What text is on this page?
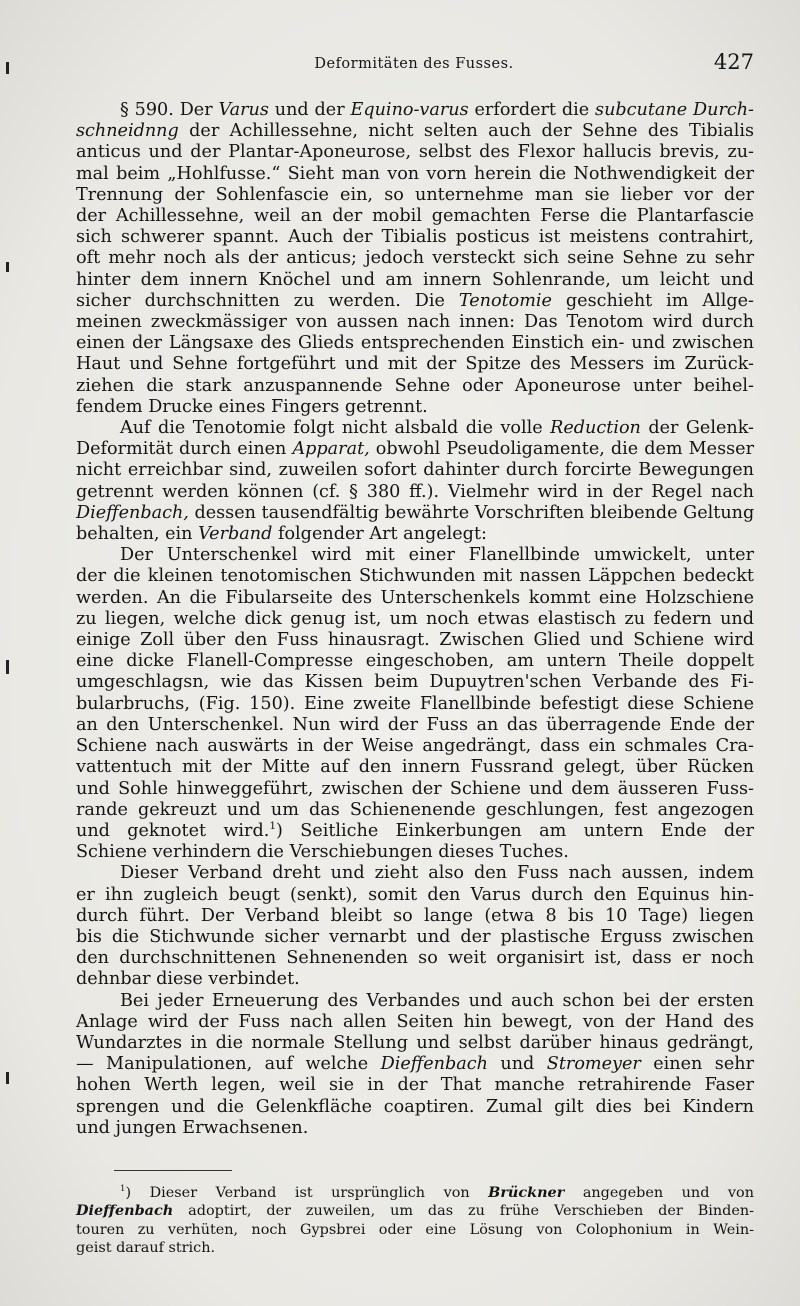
Deformitäten des Fusses.	427
§ 590. Der Varus und der Equino-varus erfordert die subcutane Durch-
schneidnng der Achillessehne, nicht selten auch der Sehne des Tibialis
anticus und der Plantar-Aponeurose, selbst des Flexor hallucis brevis, zu-
mal beim „Hohlfusse.“ Sieht man von vorn herein die Nothwendigkeit der
Trennung der Sohlenfascie ein, so unternehme man sie lieber vor der
der Achillessehne, weil an der mobil gemachten Ferse die Plantarfascie
sich schwerer spannt. Auch der Tibialis posticus ist meistens contrahirt,
oft mehr noch als der anticus; jedoch versteckt sich seine Sehne zu sehr
hinter dem innern Knöchel und am innern Sohlenrande, um leicht und
sicher durchschnitten zu werden. Die Tenotomie geschieht im Allge-
meinen zweckmässiger von aussen nach innen: Das Tenotom wird durch
einen der Längsaxe des Glieds entsprechenden Einstich ein- und zwischen
Haut und Sehne fortgeführt und mit der Spitze des Messers im Zurück-
ziehen die stark anzuspannende Sehne oder Aponeurose unter beihel-
fendem Drucke eines Fingers getrennt.
Auf die Tenotomie folgt nicht alsbald die volle Reduction der Gelenk-
Deformität durch einen Apparat, obwohl Pseudoligamente, die dem Messer
nicht erreichbar sind, zuweilen sofort dahinter durch forcirte Bewegungen
getrennt werden können (cf. § 380 ff.). Vielmehr wird in der Regel nach
Dieffenbach, dessen tausendfältig bewährte Vorschriften bleibende Geltung
behalten, ein Verband folgender Art angelegt:
Der Unterschenkel wird mit einer Flanellbinde umwickelt, unter
der die kleinen tenotomischen Stichwunden mit nassen Läppchen bedeckt
werden. An die Fibularseite des Unterschenkels kommt eine Holzschiene
zu liegen, welche dick genug ist, um noch etwas elastisch zu federn und
einige Zoll über den Fuss hinausragt. Zwischen Glied und Schiene wird
eine dicke Flanell-Compresse eingeschoben, am untern Theile doppelt
umgeschlagsn, wie das Kissen beim Dupuytren'schen Verbande des Fi-
bularbruchs, (Fig. 150). Eine zweite Flanellbinde befestigt diese Schiene
an den Unterschenkel. Nun wird der Fuss an das überragende Ende der
Schiene nach auswärts in der Weise angedrängt, dass ein schmales Cra-
vattentuch mit der Mitte auf den innern Fussrand gelegt, über Rücken
und Sohle hinweggeführt, zwischen der Schiene und dem äusseren Fuss-
rande gekreuzt und um das Schienenende geschlungen, fest angezogen
und geknotet wird.$^1$) Seitliche Einkerbungen am untern Ende der
Schiene verhindern die Verschiebungen dieses Tuches.
Dieser Verband dreht und zieht also den Fuss nach aussen, indem
er ihn zugleich beugt (senkt), somit den Varus durch den Equinus hin-
durch führt. Der Verband bleibt so lange (etwa 8 bis 10 Tage) liegen
bis die Stichwunde sicher vernarbt und der plastische Erguss zwischen
den durchschnittenen Sehnenenden so weit organisirt ist, dass er noch
dehnbar diese verbindet.
Bei jeder Erneuerung des Verbandes und auch schon bei der ersten
Anlage wird der Fuss nach allen Seiten hin bewegt, von der Hand des
Wundarztes in die normale Stellung und selbst darüber hinaus gedrängt,
— Manipulationen, auf welche Dieffenbach und Stromeyer einen sehr
hohen Werth legen, weil sie in der That manche retrahirende Faser
sprengen und die Gelenkfläche coaptiren. Zumal gilt dies bei Kindern
und jungen Erwachsenen.
$^1$) Dieser Verband ist ursprünglich von Brückner angegeben und von
Dieffenbach adoptirt, der zuweilen, um das zu frühe Verschieben der Binden-
touren zu verhüten, noch Gypsbrei oder eine Lösung von Colophonium in Wein-
geist darauf strich.
